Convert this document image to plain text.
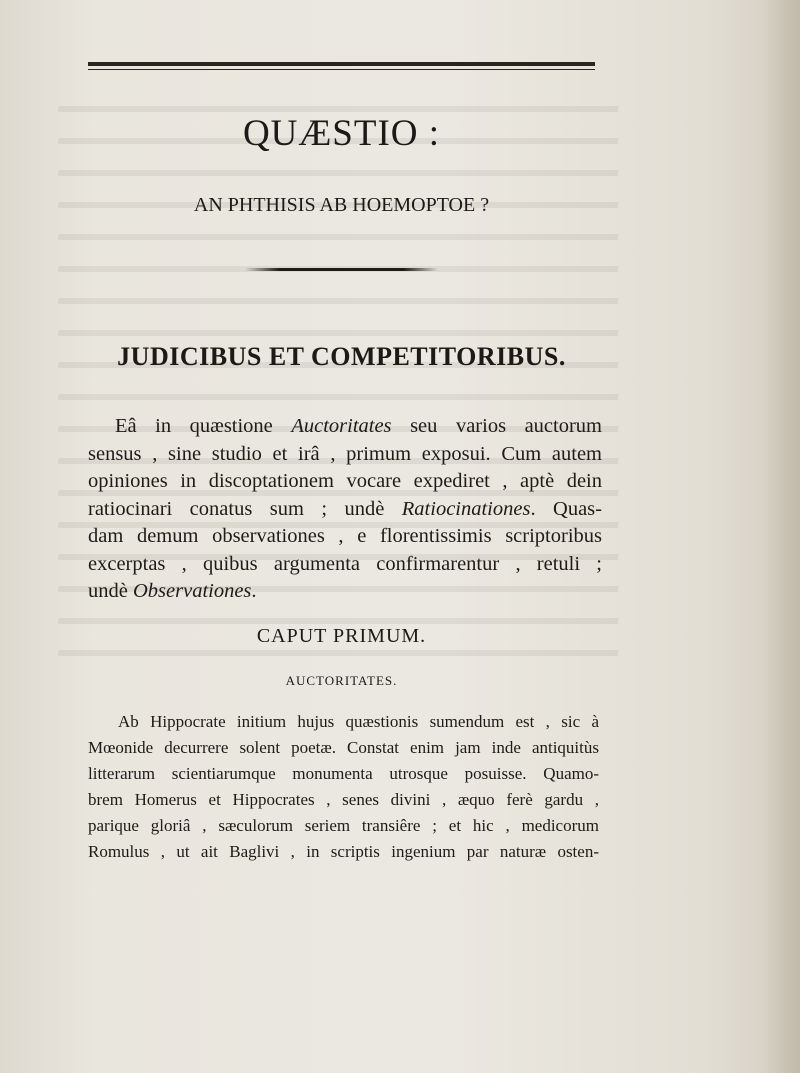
QUÆSTIO :
AN PHTHISIS AB HOEMOPTOE ?
JUDICIBUS ET COMPETITORIBUS.
Eâ in quæstione Auctoritates seu varios auctorum
sensus , sine studio et irâ , primum exposui. Cum autem
opiniones in discoptationem vocare expediret , aptè dein
ratiocinari conatus sum ; undè Ratiocinationes. Quas-
dam demum observationes , e florentissimis scriptoribus
excerptas , quibus argumenta confirmarentur , retuli ;
undè Observationes.
CAPUT PRIMUM.
AUCTORITATES.
Ab Hippocrate initium hujus quæstionis sumendum est , sic à
Mœonide decurrere solent poetæ. Constat enim jam inde antiquitùs
litterarum scientiarumque monumenta utrosque posuisse. Quamo-
brem Homerus et Hippocrates , senes divini , æquo ferè gardu ,
parique gloriâ , sæculorum seriem transiêre ; et hic , medicorum
Romulus , ut ait Baglivi , in scriptis ingenium par naturæ osten-
